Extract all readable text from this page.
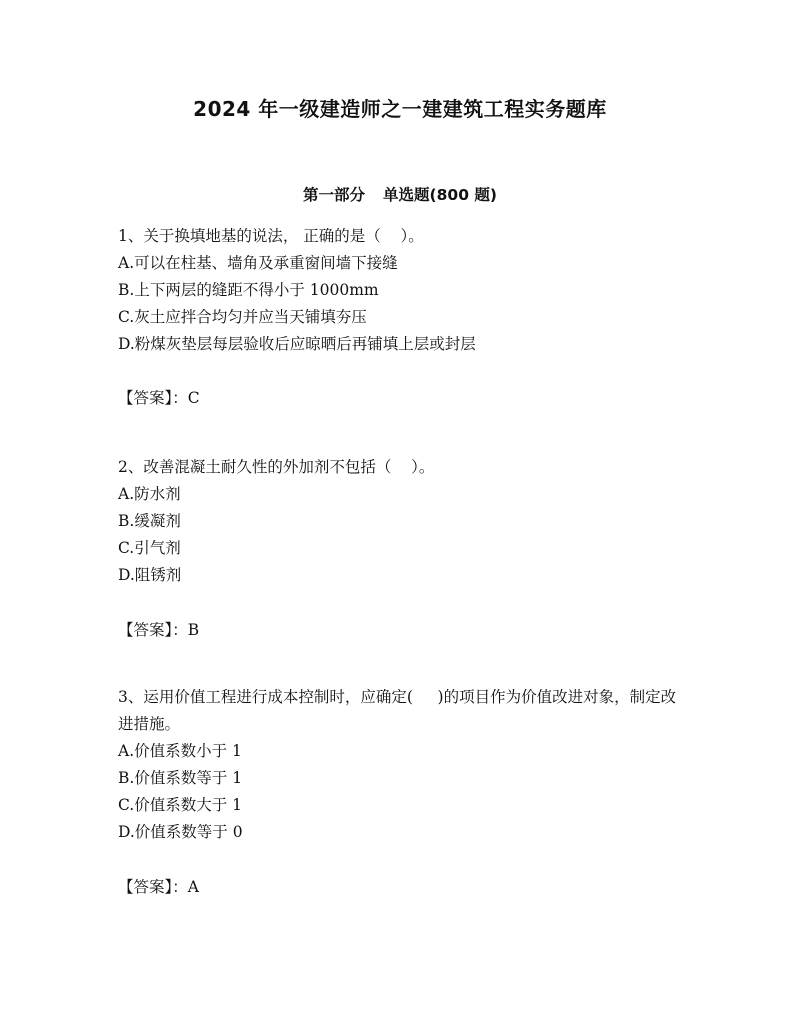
2024 年一级建造师之一建建筑工程实务题库
第一部分 单选题(800 题)

1、关于换填地基的说法， 正确的是（    ）。

A.可以在柱基、墙角及承重窗间墙下接缝
B.上下两层的缝距不得小于 1000mm
C.灰土应拌合均匀并应当天铺填夯压
D.粉煤灰垫层每层验收后应晾晒后再铺填上层或封层
【答案】：C

2、改善混凝土耐久性的外加剂不包括（    ）。

A.防水剂
B.缓凝剂
C.引气剂
D.阻锈剂
【答案】：B

3、运用价值工程进行成本控制时，应确定(     )的项目作为价值改进对象，制定改进措施。

A.价值系数小于 1
B.价值系数等于 1
C.价值系数大于 1
D.价值系数等于 0
【答案】：A
